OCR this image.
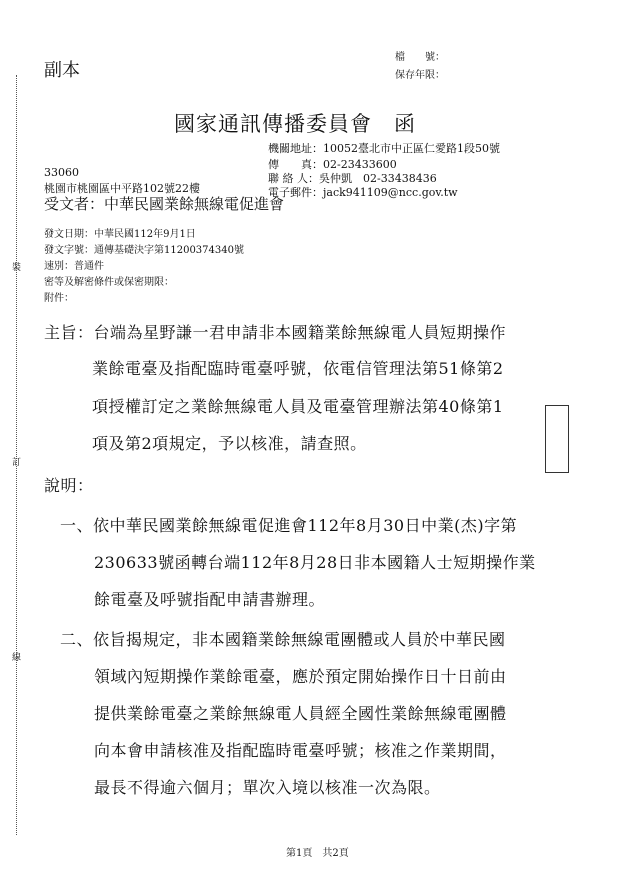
裝
訂
線
副本
檔　　號：
保存年限：
國家通訊傳播委員會　函
機關地址：10052臺北市中正區仁愛路1段50號
傳　　真：02-23433600
聯 絡 人：吳仲凱　02-33438436
電子郵件：jack941109@ncc.gov.tw
33060
桃園市桃園區中平路102號22樓
受文者：中華民國業餘無線電促進會
發文日期：中華民國112年9月1日
發文字號：通傳基礎決字第11200374340號
速別：普通件
密等及解密條件或保密期限：
附件：
主旨：台端為星野謙一君申請非本國籍業餘無線電人員短期操作
業餘電臺及指配臨時電臺呼號，依電信管理法第51條第2
項授權訂定之業餘無線電人員及電臺管理辦法第40條第1
項及第2項規定，予以核准，請查照。
說明：
一、依中華民國業餘無線電促進會112年8月30日中業(杰)字第
230633號函轉台端112年8月28日非本國籍人士短期操作業
餘電臺及呼號指配申請書辦理。
二、依旨揭規定，非本國籍業餘無線電團體或人員於中華民國
領域內短期操作業餘電臺，應於預定開始操作日十日前由
提供業餘電臺之業餘無線電人員經全國性業餘無線電團體
向本會申請核准及指配臨時電臺呼號；核准之作業期間，
最長不得逾六個月；單次入境以核准一次為限。
第1頁　共2頁
